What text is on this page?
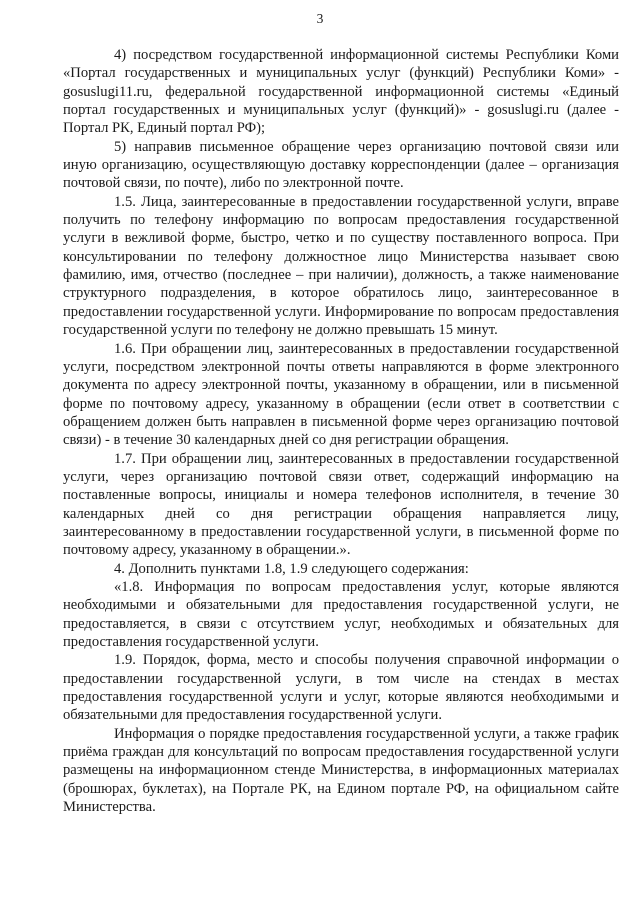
3

4) посредством государственной информационной системы Республики Коми «Портал государственных и муниципальных услуг (функций) Республики Коми» - gosuslugi11.ru, федеральной государственной информационной системы «Единый портал государственных и муниципальных услуг (функций)» - gosuslugi.ru (далее - Портал РК, Единый портал РФ);

5) направив письменное обращение через организацию почтовой связи или иную организацию, осуществляющую доставку корреспонденции (далее – организация почтовой связи, по почте), либо по электронной почте.

1.5. Лица, заинтересованные в предоставлении государственной услуги, вправе получить по телефону информацию по вопросам предоставления государственной услуги в вежливой форме, быстро, четко и по существу поставленного вопроса. При консультировании по телефону должностное лицо Министерства называет свою фамилию, имя, отчество (последнее – при наличии), должность, а также наименование структурного подразделения, в которое обратилось лицо, заинтересованное в предоставлении государственной услуги. Информирование по вопросам предоставления государственной услуги по телефону не должно превышать 15 минут.

1.6. При обращении лиц, заинтересованных в предоставлении государственной услуги, посредством электронной почты ответы направляются в форме электронного документа по адресу электронной почты, указанному в обращении, или в письменной форме по почтовому адресу, указанному в обращении (если ответ в соответствии с обращением должен быть направлен в письменной форме через организацию почтовой связи) - в течение 30 календарных дней со дня регистрации обращения.

1.7. При обращении лиц, заинтересованных в предоставлении государственной услуги, через организацию почтовой связи ответ, содержащий информацию на поставленные вопросы, инициалы и номера телефонов исполнителя, в течение 30 календарных дней со дня регистрации обращения направляется лицу, заинтересованному в предоставлении государственной услуги, в письменной форме по почтовому адресу, указанному в обращении.».

4. Дополнить пунктами 1.8, 1.9 следующего содержания:

«1.8. Информация по вопросам предоставления услуг, которые являются необходимыми и обязательными для предоставления государственной услуги, не предоставляется, в связи с отсутствием услуг, необходимых и обязательных для предоставления государственной услуги.

1.9. Порядок, форма, место и способы получения справочной информации о предоставлении государственной услуги, в том числе на стендах в местах предоставления государственной услуги и услуг, которые являются необходимыми и обязательными для предоставления государственной услуги.

Информация о порядке предоставления государственной услуги, а также график приёма граждан для консультаций по вопросам предоставления государственной услуги размещены на информационном стенде Министерства, в информационных материалах (брошюрах, буклетах), на Портале РК, на Едином портале РФ, на официальном сайте Министерства.
